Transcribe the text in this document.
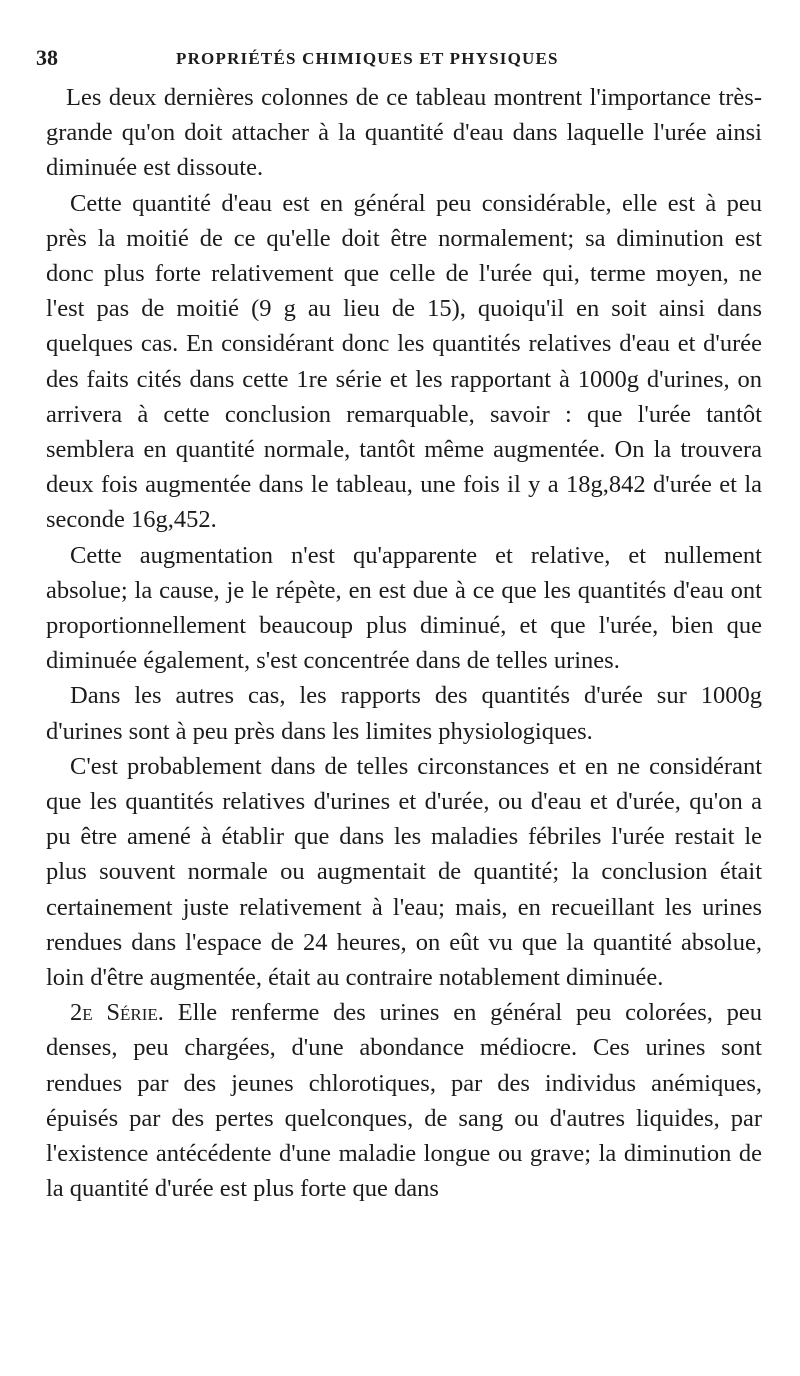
38	PROPRIÉTÉS CHIMIQUES ET PHYSIQUES

Les deux dernières colonnes de ce tableau montrent l'importance très-grande qu'on doit attacher à la quantité d'eau dans laquelle l'urée ainsi diminuée est dissoute.

Cette quantité d'eau est en général peu considérable, elle est à peu près la moitié de ce qu'elle doit être normalement; sa diminution est donc plus forte relativement que celle de l'urée qui, terme moyen, ne l'est pas de moitié (9 g au lieu de 15), quoiqu'il en soit ainsi dans quelques cas. En considérant donc les quantités relatives d'eau et d'urée des faits cités dans cette 1re série et les rapportant à 1000g d'urines, on arrivera à cette conclusion remarquable, savoir : que l'urée tantôt semblera en quantité normale, tantôt même augmentée. On la trouvera deux fois augmentée dans le tableau, une fois il y a 18g,842 d'urée et la seconde 16g,452.

Cette augmentation n'est qu'apparente et relative, et nullement absolue; la cause, je le répète, en est due à ce que les quantités d'eau ont proportionnellement beaucoup plus diminué, et que l'urée, bien que diminuée également, s'est concentrée dans de telles urines.

Dans les autres cas, les rapports des quantités d'urée sur 1000g d'urines sont à peu près dans les limites physiologiques.

C'est probablement dans de telles circonstances et en ne considérant que les quantités relatives d'urines et d'urée, ou d'eau et d'urée, qu'on a pu être amené à établir que dans les maladies fébriles l'urée restait le plus souvent normale ou augmentait de quantité; la conclusion était certainement juste relativement à l'eau; mais, en recueillant les urines rendues dans l'espace de 24 heures, on eût vu que la quantité absolue, loin d'être augmentée, était au contraire notablement diminuée.

2e Série. Elle renferme des urines en général peu colorées, peu denses, peu chargées, d'une abondance médiocre. Ces urines sont rendues par des jeunes chlorotiques, par des individus anémiques, épuisés par des pertes quelconques, de sang ou d'autres liquides, par l'existence antécédente d'une maladie longue ou grave; la diminution de la quantité d'urée est plus forte que dans
